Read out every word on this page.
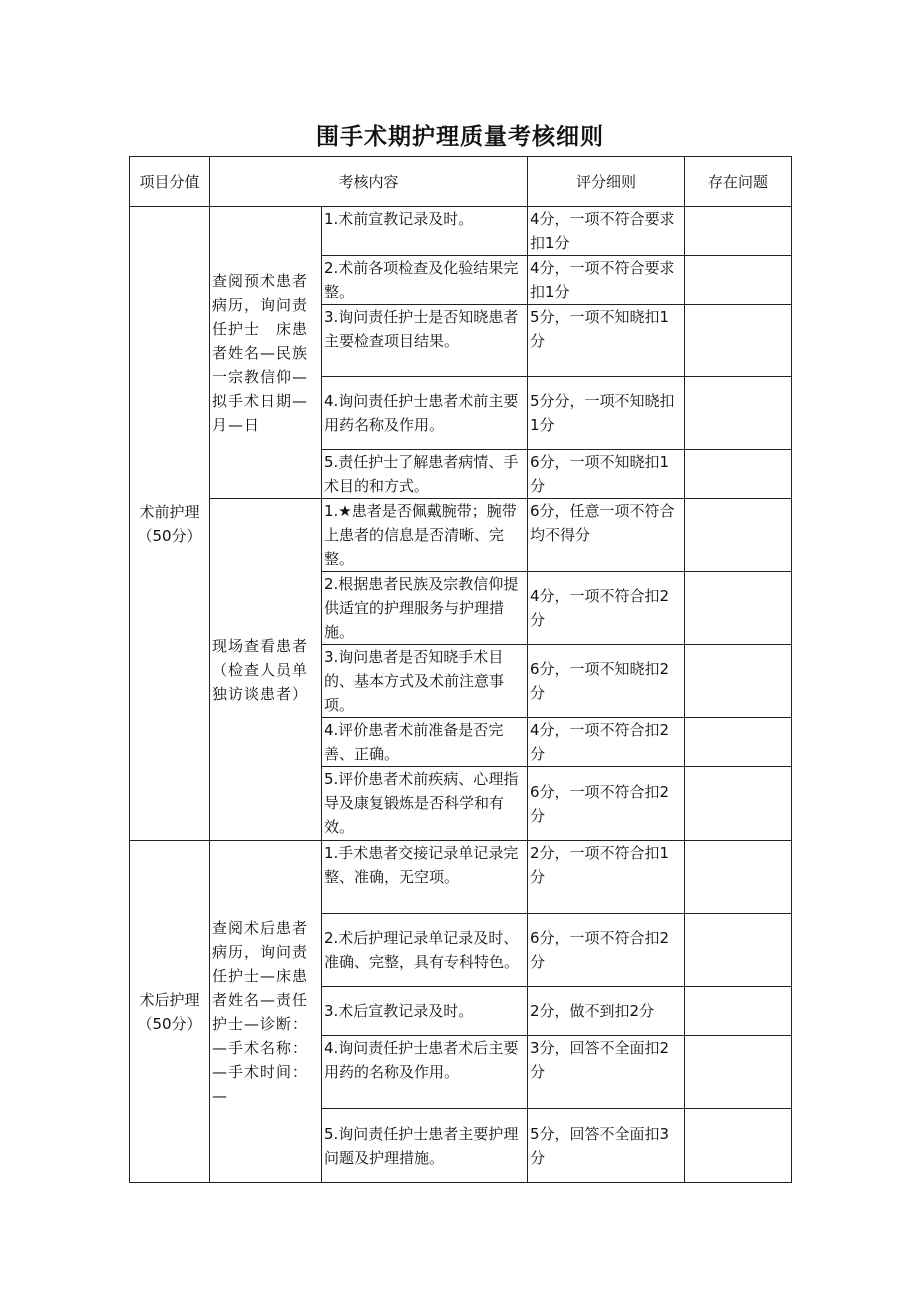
围手术期护理质量考核细则
项目分值	考核内容		评分细则	存在问题
术前护理（50分）	查阅预术患者病历，询问责任护士　床患者姓名—民族一宗教信仰—拟手术日期—月—日	1.术前宣教记录及时。	4分，一项不符合要求扣1分	
		2.术前各项检查及化验结果完整。	4分，一项不符合要求扣1分	
		3.询问责任护士是否知晓患者主要检查项目结果。	5分，一项不知晓扣1分	
		4.询问责任护士患者术前主要用药名称及作用。	5分分，一项不知晓扣1分	
		5.责任护士了解患者病情、手术目的和方式。	6分，一项不知晓扣1分	
	现场查看患者（检查人员单独访谈患者）	1.★患者是否佩戴腕带；腕带上患者的信息是否清晰、完整。	6分，任意一项不符合均不得分	
		2.根据患者民族及宗教信仰提供适宜的护理服务与护理措施。	4分，一项不符合扣2分	
		3.询问患者是否知晓手术目的、基本方式及术前注意事项。	6分，一项不知晓扣2分	
		4.评价患者术前准备是否完善、正确。	4分，一项不符合扣2分	
		5.评价患者术前疾病、心理指导及康复锻炼是否科学和有效。	6分，一项不符合扣2分	
术后护理（50分）	查阅术后患者病历，询问责任护士—床患者姓名—责任护士—诊断：—手术名称：—手术时间：—	1.手术患者交接记录单记录完整、准确，无空项。	2分，一项不符合扣1分	
		2.术后护理记录单记录及时、准确、完整，具有专科特色。	6分，一项不符合扣2分	
		3.术后宣教记录及时。	2分，做不到扣2分	
		4.询问责任护士患者术后主要用药的名称及作用。	3分，回答不全面扣2分	
		5.询问责任护士患者主要护理问题及护理措施。	5分，回答不全面扣3分	
